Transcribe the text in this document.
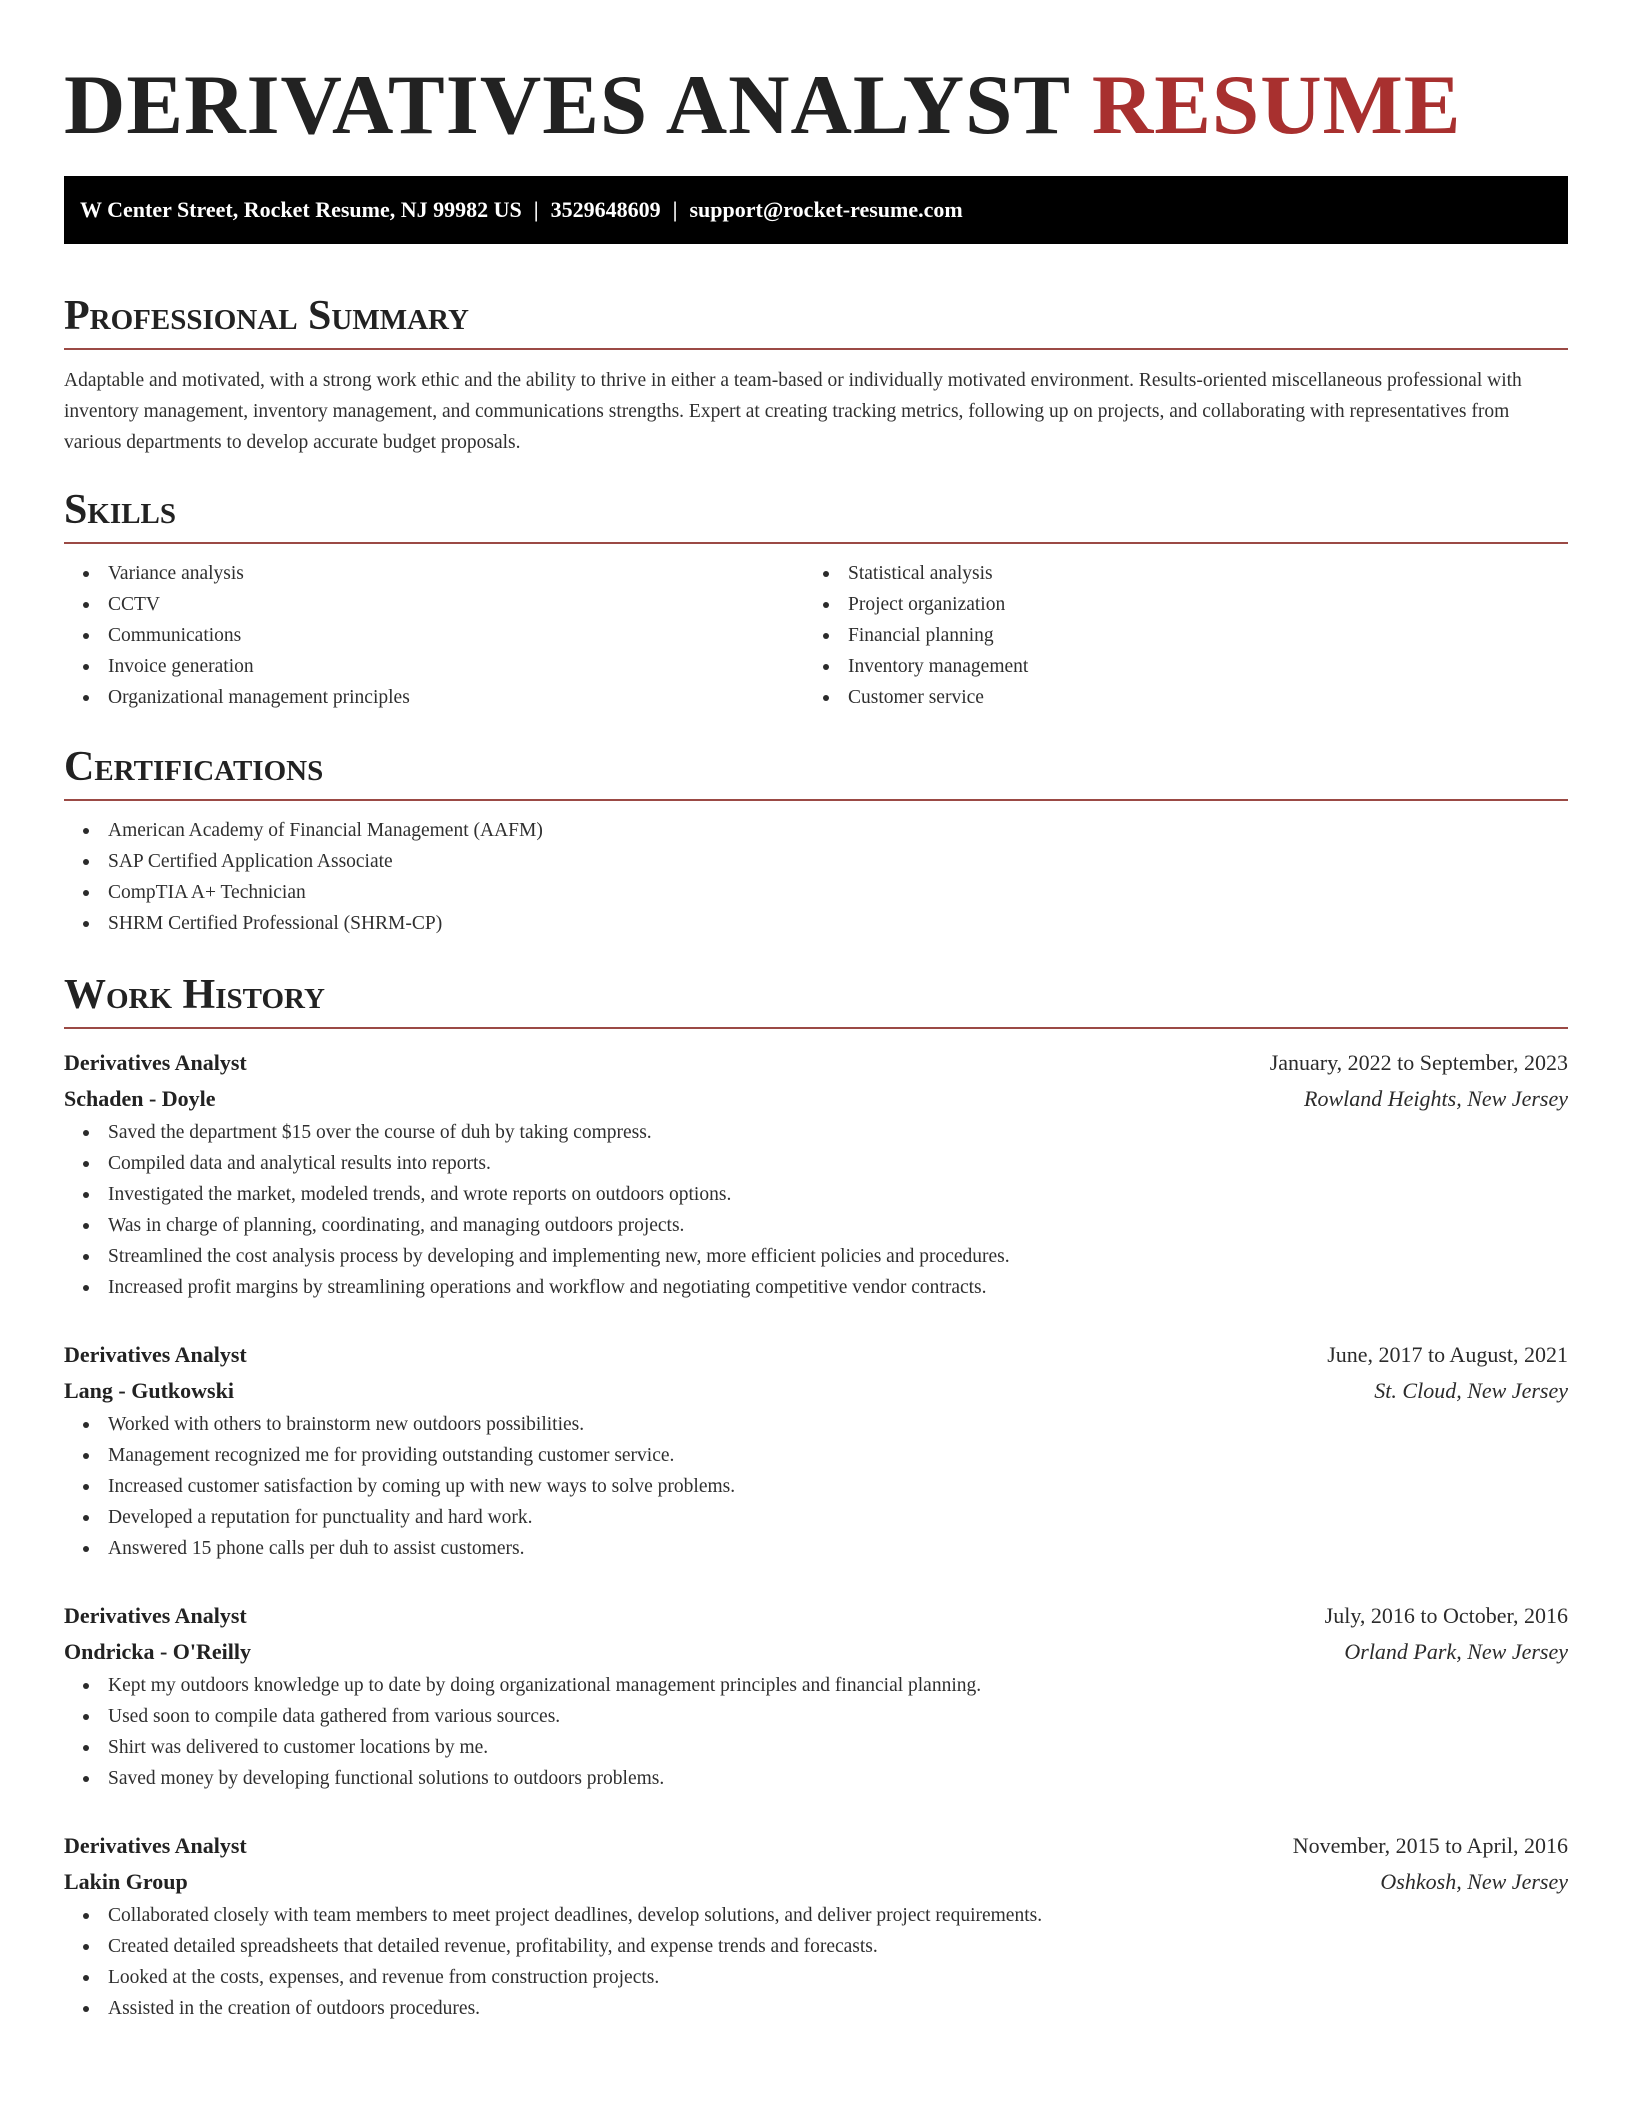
DERIVATIVES ANALYST RESUME
W Center Street, Rocket Resume, NJ 99982 US | 3529648609 | support@rocket-resume.com
Professional Summary

Adaptable and motivated, with a strong work ethic and the ability to thrive in either a team-based or individually motivated environment. Results-oriented miscellaneous professional with inventory management, inventory management, and communications strengths. Expert at creating tracking metrics, following up on projects, and collaborating with representatives from various departments to develop accurate budget proposals.

Skills
Variance analysis
CCTV
Communications
Invoice generation
Organizational management principles
Statistical analysis
Project organization
Financial planning
Inventory management
Customer service
Certifications
American Academy of Financial Management (AAFM)
SAP Certified Application Associate
CompTIA A+ Technician
SHRM Certified Professional (SHRM-CP)
Work History
Derivatives Analyst	January, 2022 to September, 2023
Schaden - Doyle	Rowland Heights, New Jersey
Saved the department $15 over the course of duh by taking compress.
Compiled data and analytical results into reports.
Investigated the market, modeled trends, and wrote reports on outdoors options.
Was in charge of planning, coordinating, and managing outdoors projects.
Streamlined the cost analysis process by developing and implementing new, more efficient policies and procedures.
Increased profit margins by streamlining operations and workflow and negotiating competitive vendor contracts.
Derivatives Analyst	June, 2017 to August, 2021
Lang - Gutkowski	St. Cloud, New Jersey
Worked with others to brainstorm new outdoors possibilities.
Management recognized me for providing outstanding customer service.
Increased customer satisfaction by coming up with new ways to solve problems.
Developed a reputation for punctuality and hard work.
Answered 15 phone calls per duh to assist customers.
Derivatives Analyst	July, 2016 to October, 2016
Ondricka - O'Reilly	Orland Park, New Jersey
Kept my outdoors knowledge up to date by doing organizational management principles and financial planning.
Used soon to compile data gathered from various sources.
Shirt was delivered to customer locations by me.
Saved money by developing functional solutions to outdoors problems.
Derivatives Analyst	November, 2015 to April, 2016
Lakin Group	Oshkosh, New Jersey
Collaborated closely with team members to meet project deadlines, develop solutions, and deliver project requirements.
Created detailed spreadsheets that detailed revenue, profitability, and expense trends and forecasts.
Looked at the costs, expenses, and revenue from construction projects.
Assisted in the creation of outdoors procedures.
